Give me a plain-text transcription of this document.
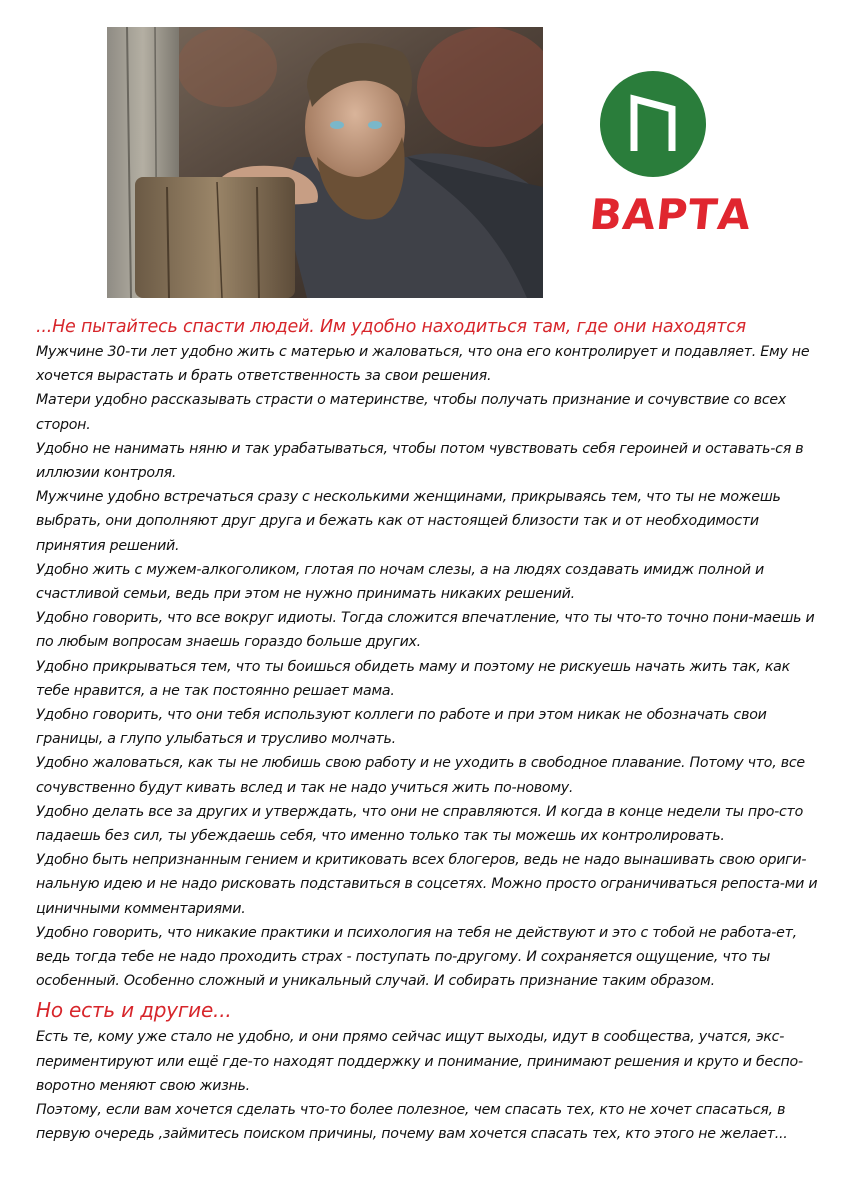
ВАРТА

...Не пытайтесь спасти людей. Им удобно находиться там, где они находятся

Мужчине 30-ти лет удобно жить с матерью и жаловаться, что она его контролирует и подавляет. Ему не хочется вырастать и брать ответственность за свои решения.

Матери удобно рассказывать страсти о материнстве, чтобы получать признание и сочувствие со всех сторон.

Удобно не нанимать няню и так урабатываться, чтобы потом чувствовать себя героиней и оставать-ся в иллюзии контроля.

Мужчине удобно встречаться сразу с несколькими женщинами, прикрываясь тем, что ты не можешь выбрать, они дополняют друг друга и бежать как от настоящей близости так и от необходимости принятия решений.

Удобно жить с мужем-алкоголиком, глотая по ночам слезы, а на людях создавать имидж полной и счастливой семьи, ведь при этом не нужно принимать никаких решений.

Удобно говорить, что все вокруг идиоты. Тогда сложится впечатление, что ты что-то точно пони-маешь и по любым вопросам знаешь гораздо больше других.

Удобно прикрываться тем, что ты боишься обидеть маму и поэтому не рискуешь начать жить так, как тебе нравится, а не так постоянно решает мама.

Удобно говорить, что они тебя используют коллеги по работе и при этом никак не обозначать свои границы, а глупо улыбаться и трусливо молчать.

Удобно жаловаться, как ты не любишь свою работу и не уходить в свободное плавание. Потому что, все сочувственно будут кивать вслед и так не надо учиться жить по-новому.

Удобно делать все за других и утверждать, что они не справляются. И когда в конце недели ты про-сто падаешь без сил, ты убеждаешь себя, что именно только так ты можешь их контролировать.

Удобно быть непризнанным гением и критиковать всех блогеров, ведь не надо вынашивать свою ориги-нальную идею и не надо рисковать подставиться в соцсетях. Можно просто ограничиваться репоста-ми и циничными комментариями.

Удобно говорить, что никакие практики и психология на тебя не действуют и это с тобой не работа-ет, ведь тогда тебе не надо проходить страх - поступать по-другому. И сохраняется ощущение, что ты особенный. Особенно сложный и уникальный случай. И собирать признание таким образом.

Но есть и другие...

Есть те, кому уже стало не удобно, и они прямо сейчас ищут выходы, идут в сообщества, учатся, экс-периментируют или ещё где-то находят поддержку и понимание, принимают решения и круто и беспо-воротно меняют свою жизнь.

Поэтому, если вам хочется сделать что-то более полезное, чем спасать тех, кто не хочет спасаться, в первую очередь ,займитесь поиском причины, почему вам хочется спасать тех, кто этого не желает...
